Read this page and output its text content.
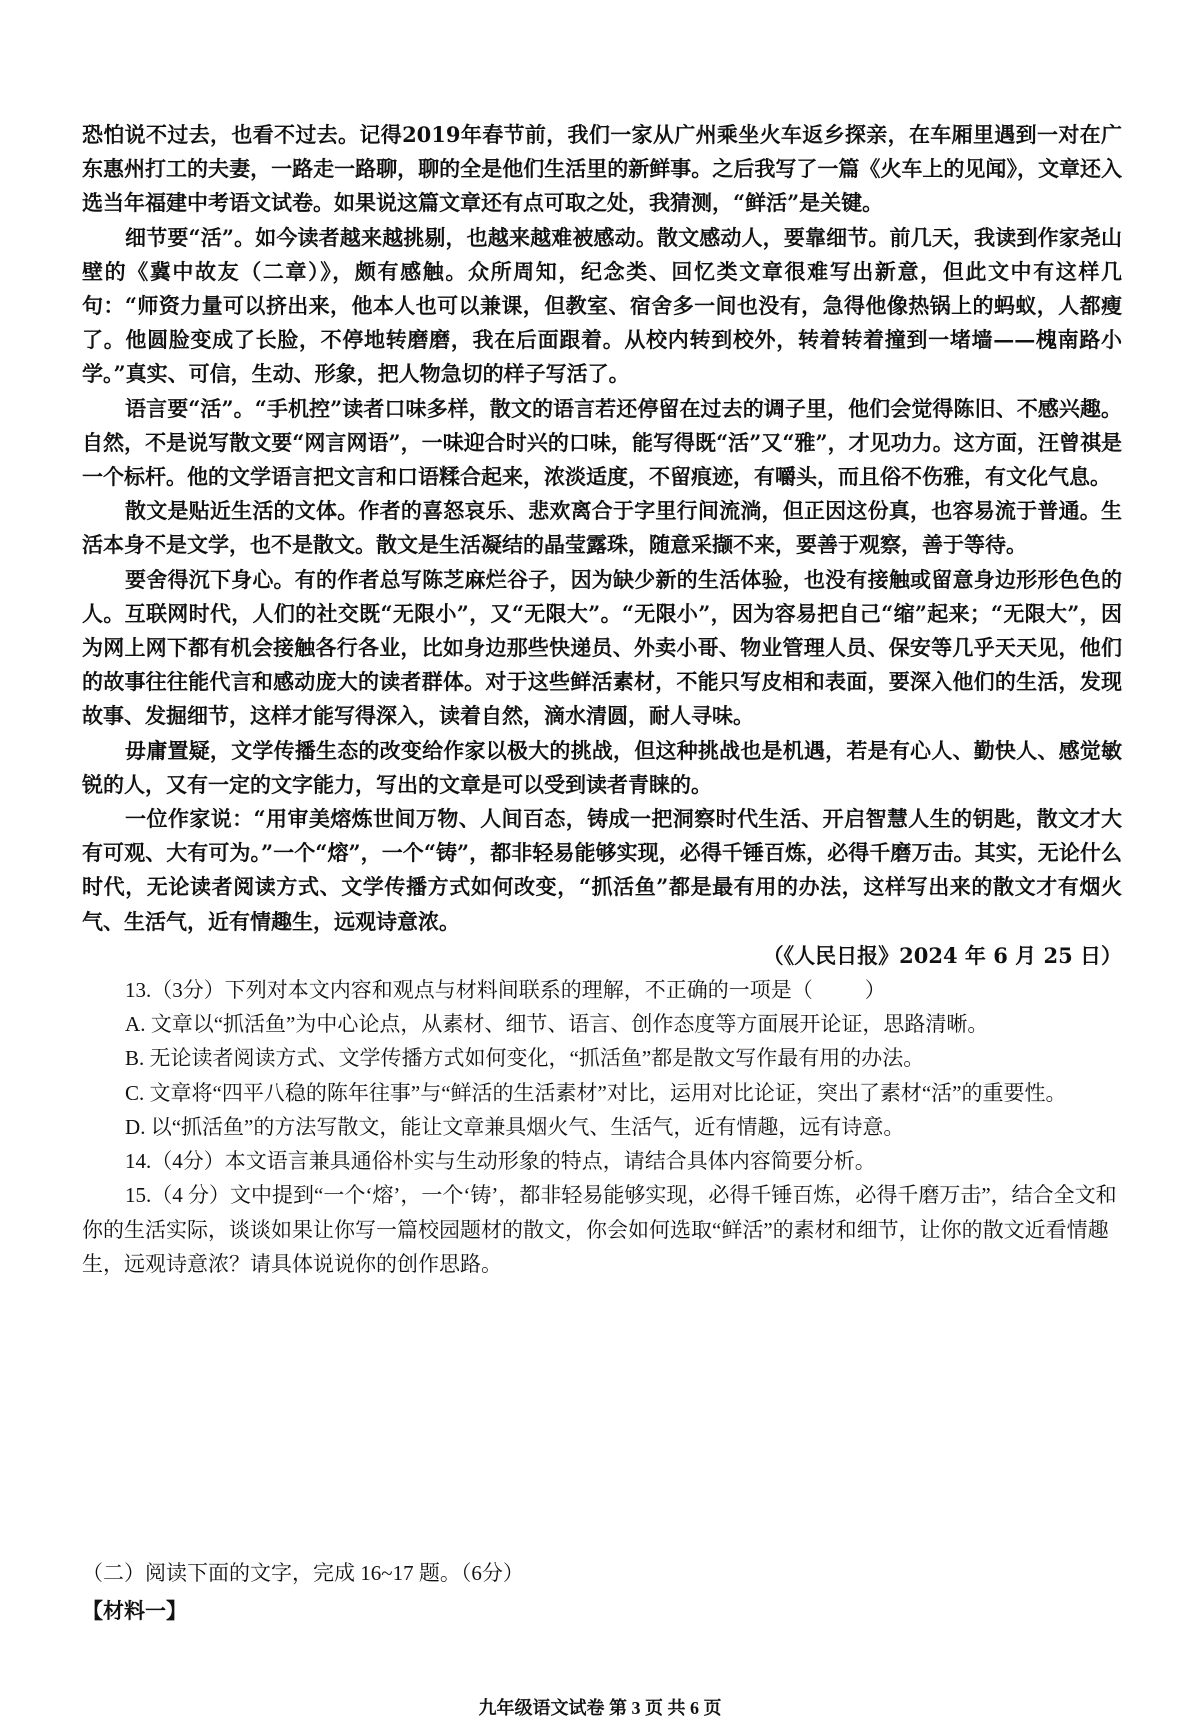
恐怕说不过去，也看不过去。记得2019年春节前，我们一家从广州乘坐火车返乡探亲，在车厢里遇到一对在广东惠州打工的夫妻，一路走一路聊，聊的全是他们生活里的新鲜事。之后我写了一篇《火车上的见闻》，文章还入选当年福建中考语文试卷。如果说这篇文章还有点可取之处，我猜测，“鲜活”是关键。

细节要“活”。如今读者越来越挑剔，也越来越难被感动。散文感动人，要靠细节。前几天，我读到作家尧山壁的《冀中故友（二章）》，颇有感触。众所周知，纪念类、回忆类文章很难写出新意，但此文中有这样几句：“师资力量可以挤出来，他本人也可以兼课，但教室、宿舍多一间也没有，急得他像热锅上的蚂蚁，人都瘦了。他圆脸变成了长脸，不停地转磨磨，我在后面跟着。从校内转到校外，转着转着撞到一堵墙——槐南路小学。”真实、可信，生动、形象，把人物急切的样子写活了。

语言要“活”。“手机控”读者口味多样，散文的语言若还停留在过去的调子里，他们会觉得陈旧、不感兴趣。自然，不是说写散文要“网言网语”，一味迎合时兴的口味，能写得既“活”又“雅”，才见功力。这方面，汪曾祺是一个标杆。他的文学语言把文言和口语糅合起来，浓淡适度，不留痕迹，有嚼头，而且俗不伤雅，有文化气息。

散文是贴近生活的文体。作者的喜怒哀乐、悲欢离合于字里行间流淌，但正因这份真，也容易流于普通。生活本身不是文学，也不是散文。散文是生活凝结的晶莹露珠，随意采撷不来，要善于观察，善于等待。

要舍得沉下身心。有的作者总写陈芝麻烂谷子，因为缺少新的生活体验，也没有接触或留意身边形形色色的人。互联网时代，人们的社交既“无限小”，又“无限大”。“无限小”，因为容易把自己“缩”起来；“无限大”，因为网上网下都有机会接触各行各业，比如身边那些快递员、外卖小哥、物业管理人员、保安等几乎天天见，他们的故事往往能代言和感动庞大的读者群体。对于这些鲜活素材，不能只写皮相和表面，要深入他们的生活，发现故事、发掘细节，这样才能写得深入，读着自然，滴水清圆，耐人寻味。

毋庸置疑，文学传播生态的改变给作家以极大的挑战，但这种挑战也是机遇，若是有心人、勤快人、感觉敏锐的人，又有一定的文字能力，写出的文章是可以受到读者青睐的。

一位作家说：“用审美熔炼世间万物、人间百态，铸成一把洞察时代生活、开启智慧人生的钥匙，散文才大有可观、大有可为。”一个“熔”，一个“铸”，都非轻易能够实现，必得千锤百炼，必得千磨万击。其实，无论什么时代，无论读者阅读方式、文学传播方式如何改变，“抓活鱼”都是最有用的办法，这样写出来的散文才有烟火气、生活气，近有情趣生，远观诗意浓。

（《人民日报》2024 年 6 月 25 日）

13.（3分）下列对本文内容和观点与材料间联系的理解，不正确的一项是（ ）

A. 文章以“抓活鱼”为中心论点，从素材、细节、语言、创作态度等方面展开论证，思路清晰。

B. 无论读者阅读方式、文学传播方式如何变化，“抓活鱼”都是散文写作最有用的办法。

C. 文章将“四平八稳的陈年往事”与“鲜活的生活素材”对比，运用对比论证，突出了素材“活”的重要性。

D. 以“抓活鱼”的方法写散文，能让文章兼具烟火气、生活气，近有情趣，远有诗意。

14.（4分）本文语言兼具通俗朴实与生动形象的特点，请结合具体内容简要分析。

15.（4 分）文中提到“一个‘熔’，一个‘铸’，都非轻易能够实现，必得千锤百炼，必得千磨万击”，结合全文和你的生活实际，谈谈如果让你写一篇校园题材的散文，你会如何选取“鲜活”的素材和细节，让你的散文近看情趣生，远观诗意浓？请具体说说你的创作思路。

（二）阅读下面的文字，完成 16~17 题。（6分）

【材料一】

九年级语文试卷 第 3 页 共 6 页
